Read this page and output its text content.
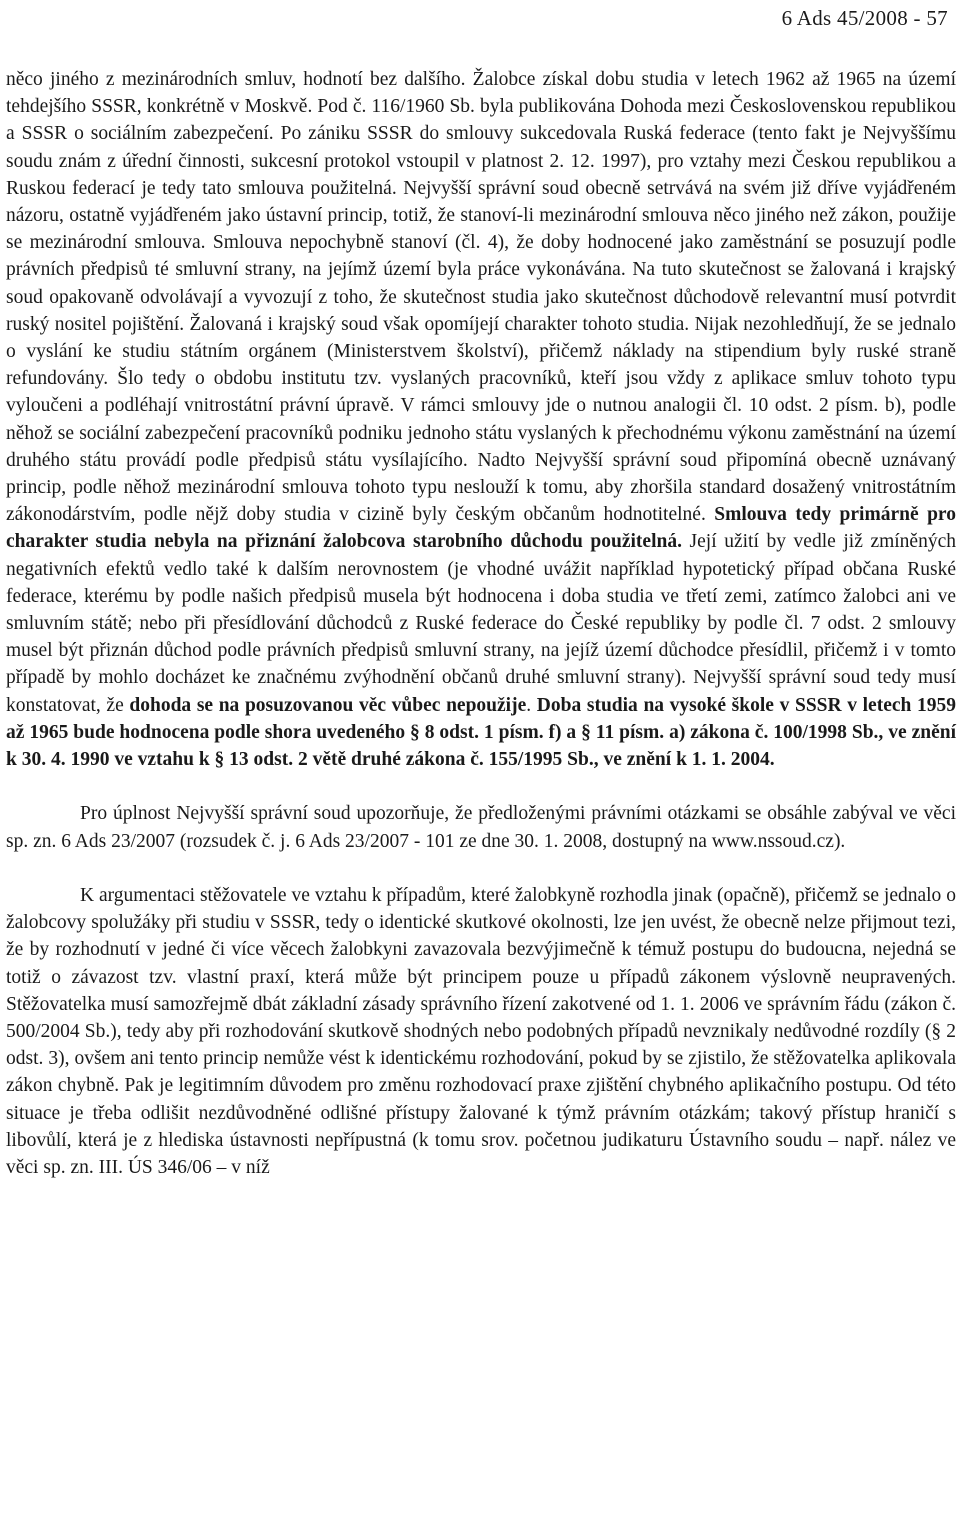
6 Ads 45/2008 - 57

něco jiného z mezinárodních smluv, hodnotí bez dalšího. Žalobce získal dobu studia v letech 1962 až 1965 na území tehdejšího SSSR, konkrétně v Moskvě. Pod č. 116/1960 Sb. byla publikována Dohoda mezi Československou republikou a SSSR o sociálním zabezpečení. Po zániku SSSR do smlouvy sukcedovala Ruská federace (tento fakt je Nejvyššímu soudu znám z úřední činnosti, sukcesní protokol vstoupil v platnost 2. 12. 1997), pro vztahy mezi Českou republikou a Ruskou federací je tedy tato smlouva použitelná. Nejvyšší správní soud obecně setrvává na svém již dříve vyjádřeném názoru, ostatně vyjádřeném jako ústavní princip, totiž, že stanoví-li mezinárodní smlouva něco jiného než zákon, použije se mezinárodní smlouva. Smlouva nepochybně stanoví (čl. 4), že doby hodnocené jako zaměstnání se posuzují podle právních předpisů té smluvní strany, na jejímž území byla práce vykonávána. Na tuto skutečnost se žalovaná i krajský soud opakovaně odvolávají a vyvozují z toho, že skutečnost studia jako skutečnost důchodově relevantní musí potvrdit ruský nositel pojištění. Žalovaná i krajský soud však opomíjejí charakter tohoto studia. Nijak nezohledňují, že se jednalo o vyslání ke studiu státním orgánem (Ministerstvem školství), přičemž náklady na stipendium byly ruské straně refundovány. Šlo tedy o obdobu institutu tzv. vyslaných pracovníků, kteří jsou vždy z aplikace smluv tohoto typu vyloučeni a podléhají vnitrostátní právní úpravě. V rámci smlouvy jde o nutnou analogii čl. 10 odst. 2 písm. b), podle něhož se sociální zabezpečení pracovníků podniku jednoho státu vyslaných k přechodnému výkonu zaměstnání na území druhého státu provádí podle předpisů státu vysílajícího. Nadto Nejvyšší správní soud připomíná obecně uznávaný princip, podle něhož mezinárodní smlouva tohoto typu neslouží k tomu, aby zhoršila standard dosažený vnitrostátním zákonodárstvím, podle nějž doby studia v cizině byly českým občanům hodnotitelné. Smlouva tedy primárně pro charakter studia nebyla na přiznání žalobcova starobního důchodu použitelná. Její užití by vedle již zmíněných negativních efektů vedlo také k dalším nerovnostem (je vhodné uvážit například hypotetický případ občana Ruské federace, kterému by podle našich předpisů musela být hodnocena i doba studia ve třetí zemi, zatímco žalobci ani ve smluvním státě; nebo při přesídlování důchodců z Ruské federace do České republiky by podle čl. 7 odst. 2 smlouvy musel být přiznán důchod podle právních předpisů smluvní strany, na jejíž území důchodce přesídlil, přičemž i v tomto případě by mohlo docházet ke značnému zvýhodnění občanů druhé smluvní strany). Nejvyšší správní soud tedy musí konstatovat, že dohoda se na posuzovanou věc vůbec nepoužije. Doba studia na vysoké škole v SSSR v letech 1959 až 1965 bude hodnocena podle shora uvedeného § 8 odst. 1 písm. f) a § 11 písm. a) zákona č. 100/1998 Sb., ve znění k 30. 4. 1990 ve vztahu k § 13 odst. 2 větě druhé zákona č. 155/1995 Sb., ve znění k 1. 1. 2004.

Pro úplnost Nejvyšší správní soud upozorňuje, že předloženými právními otázkami se obsáhle zabýval ve věci sp. zn. 6 Ads 23/2007 (rozsudek č. j. 6 Ads 23/2007 - 101 ze dne 30. 1. 2008, dostupný na www.nssoud.cz).

K argumentaci stěžovatele ve vztahu k případům, které žalobkyně rozhodla jinak (opačně), přičemž se jednalo o žalobcovy spolužáky při studiu v SSSR, tedy o identické skutkové okolnosti, lze jen uvést, že obecně nelze přijmout tezi, že by rozhodnutí v jedné či více věcech žalobkyni zavazovala bezvýjimečně k témuž postupu do budoucna, nejedná se totiž o závazost tzv. vlastní praxí, která může být principem pouze u případů zákonem výslovně neupravených. Stěžovatelka musí samozřejmě dbát základní zásady správního řízení zakotvené od 1. 1. 2006 ve správním řádu (zákon č. 500/2004 Sb.), tedy aby při rozhodování skutkově shodných nebo podobných případů nevznikaly nedůvodné rozdíly (§ 2 odst. 3), ovšem ani tento princip nemůže vést k identickému rozhodování, pokud by se zjistilo, že stěžovatelka aplikovala zákon chybně. Pak je legitimním důvodem pro změnu rozhodovací praxe zjištění chybného aplikačního postupu. Od této situace je třeba odlišit nezdůvodněné odlišné přístupy žalované k týmž právním otázkám; takový přístup hraničí s libovůlí, která je z hlediska ústavnosti nepřípustná (k tomu srov. početnou judikaturu Ústavního soudu – např. nález ve věci sp. zn. III. ÚS 346/06 – v níž
